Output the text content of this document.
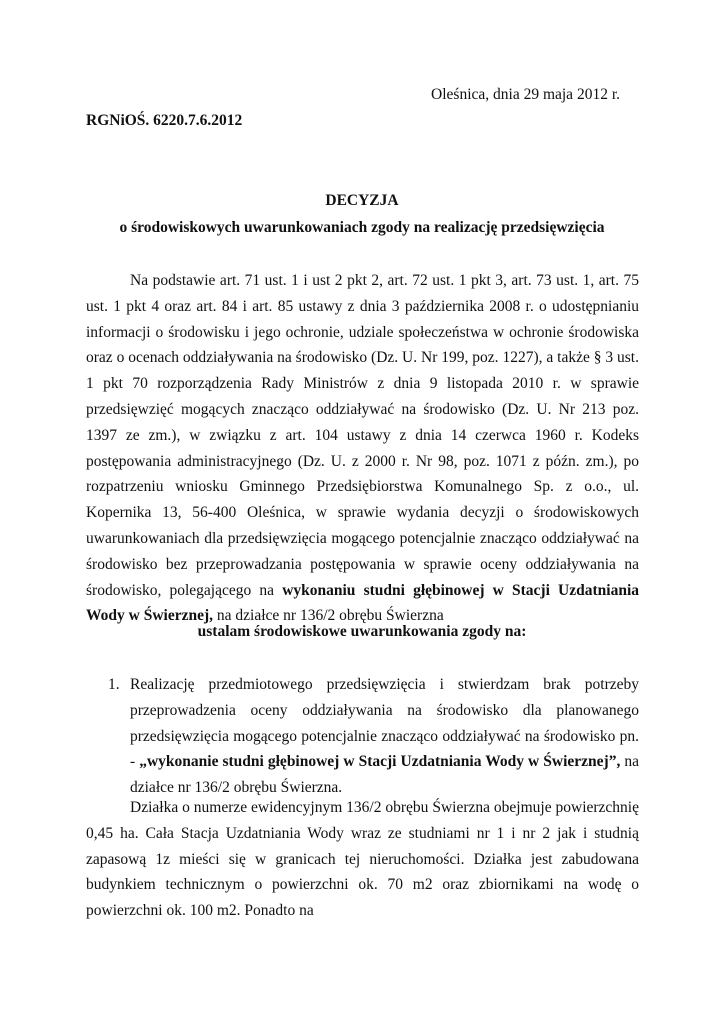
Oleśnica, dnia 29 maja 2012 r.
RGNiOŚ. 6220.7.6.2012
DECYZJA
o środowiskowych uwarunkowaniach zgody na realizację przedsięwzięcia

Na podstawie art. 71 ust. 1 i ust 2 pkt 2, art. 72 ust. 1 pkt 3, art. 73 ust. 1, art. 75 ust. 1 pkt 4 oraz art. 84 i art. 85 ustawy z dnia 3 października 2008 r. o udostępnianiu informacji o środowisku i jego ochronie, udziale społeczeństwa w ochronie środowiska oraz o ocenach oddziaływania na środowisko (Dz. U. Nr 199, poz. 1227), a także § 3 ust. 1 pkt 70 rozporządzenia Rady Ministrów z dnia 9 listopada 2010 r. w sprawie przedsięwzięć mogących znacząco oddziaływać na środowisko (Dz. U. Nr 213 poz. 1397 ze zm.), w związku z art. 104 ustawy z dnia 14 czerwca 1960 r. Kodeks postępowania administracyjnego (Dz. U. z 2000 r. Nr 98, poz. 1071 z późn. zm.), po rozpatrzeniu wniosku Gminnego Przedsiębiorstwa Komunalnego Sp. z o.o., ul. Kopernika 13, 56-400 Oleśnica, w sprawie wydania decyzji o środowiskowych uwarunkowaniach dla przedsięwzięcia mogącego potencjalnie znacząco oddziaływać na środowisko bez przeprowadzania postępowania w sprawie oceny oddziaływania na środowisko, polegającego na wykonaniu studni głębinowej w Stacji Uzdatniania Wody w Świerznej, na działce nr 136/2 obrębu Świerzna

ustalam środowiskowe uwarunkowania zgody na:
1. Realizację przedmiotowego przedsięwzięcia i stwierdzam brak potrzeby przeprowadzenia oceny oddziaływania na środowisko dla planowanego przedsięwzięcia mogącego potencjalnie znacząco oddziaływać na środowisko pn. - „wykonanie studni głębinowej w Stacji Uzdatniania Wody w Świerznej”, na działce nr 136/2 obrębu Świerzna.

Działka o numerze ewidencyjnym 136/2 obrębu Świerzna obejmuje powierzchnię 0,45 ha. Cała Stacja Uzdatniania Wody wraz ze studniami nr 1 i nr 2 jak i studnią zapasową 1z mieści się w granicach tej nieruchomości. Działka jest zabudowana budynkiem technicznym o powierzchni ok. 70 m2 oraz zbiornikami na wodę o powierzchni ok. 100 m2. Ponadto na
